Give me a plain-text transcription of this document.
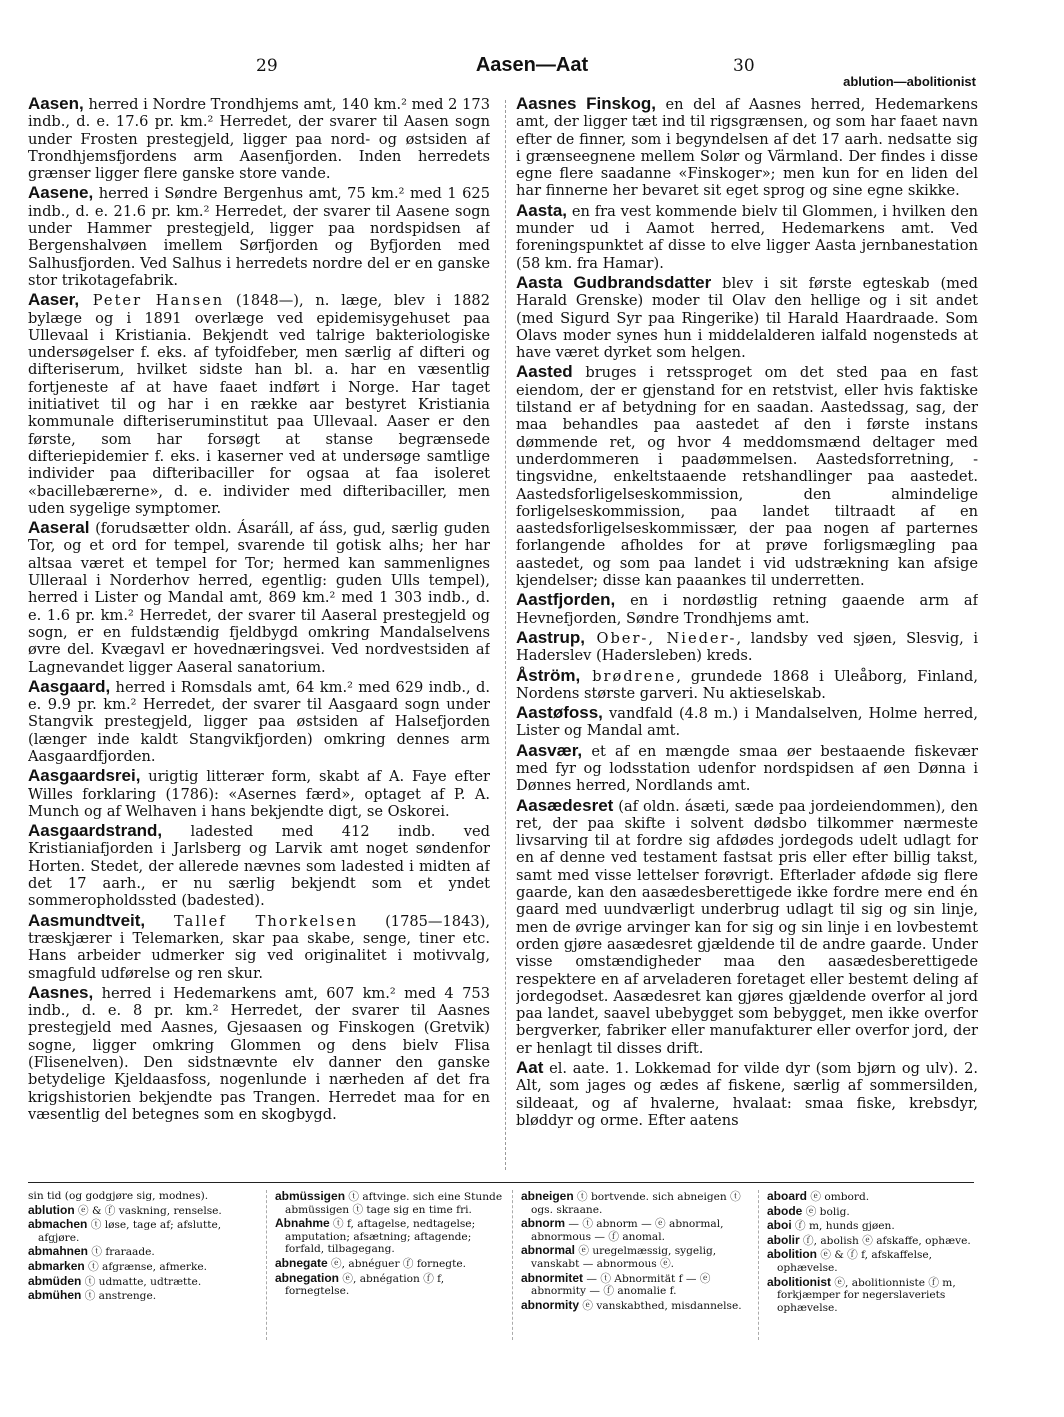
29	Aasen—Aat	30
ablution—abolitionist

Aasen, herred i Nordre Trondhjems amt, 140 km.² med 2 173 indb., d. e. 17.6 pr. km.² Herredet, der svarer til Aasen sogn under Frosten prestegjeld, ligger paa nord- og østsiden af Trondhjemsfjordens arm Aasenfjorden. Inden herredets grænser ligger flere ganske store vande.

Aasene, herred i Søndre Bergenhus amt, 75 km.² med 1 625 indb., d. e. 21.6 pr. km.² Herredet, der svarer til Aasene sogn under Hammer prestegjeld, ligger paa nordspidsen af Bergenshalvøen imellem Sørfjorden og Byfjorden med Salhusfjorden. Ved Salhus i herredets nordre del er en ganske stor trikotagefabrik.

Aaser, Peter Hansen (1848—), n. læge, blev i 1882 bylæge og i 1891 overlæge ved epidemisygehuset paa Ullevaal i Kristiania. Bekjendt ved talrige bakteriologiske undersøgelser f. eks. af tyfoidfeber, men særlig af difteri og difteriserum, hvilket sidste han bl. a. har en væsentlig fortjeneste af at have faaet indført i Norge. Har taget initiativet til og har i en række aar bestyret Kristiania kommunale difteriseruminstitut paa Ullevaal. Aaser er den første, som har forsøgt at stanse begrænsede difteriepidemier f. eks. i kaserner ved at undersøge samtlige individer paa difteribaciller for ogsaa at faa isoleret «bacillebærerne», d. e. individer med difteribaciller, men uden sygelige symptomer.

Aaseral (forudsætter oldn. Ásaráll, af áss, gud, særlig guden Tor, og et ord for tempel, svarende til gotisk alhs; her har altsaa været et tempel for Tor; hermed kan sammenlignes Ulleraal i Norderhov herred, egentlig: guden Ulls tempel), herred i Lister og Mandal amt, 869 km.² med 1 303 indb., d. e. 1.6 pr. km.² Herredet, der svarer til Aaseral prestegjeld og sogn, er en fuldstændig fjeldbygd omkring Mandalselvens øvre del. Kvægavl er hovednæringsvei. Ved nordvestsiden af Lagnevandet ligger Aaseral sanatorium.

Aasgaard, herred i Romsdals amt, 64 km.² med 629 indb., d. e. 9.9 pr. km.² Herredet, der svarer til Aasgaard sogn under Stangvik prestegjeld, ligger paa østsiden af Halsefjorden (længer inde kaldt Stangvikfjorden) omkring dennes arm Aasgaardfjorden.

Aasgaardsrei, urigtig litterær form, skabt af A. Faye efter Willes forklaring (1786): «Asernes færd», optaget af P. A. Munch og af Welhaven i hans bekjendte digt, se Oskorei.

Aasgaardstrand, ladested med 412 indb. ved Kristianiafjorden i Jarlsberg og Larvik amt noget søndenfor Horten. Stedet, der allerede nævnes som ladested i midten af det 17 aarh., er nu særlig bekjendt som et yndet sommeropholdssted (badested).

Aasmundtveit, Tallef Thorkelsen (1785—1843), træskjærer i Telemarken, skar paa skabe, senge, tiner etc. Hans arbeider udmerker sig ved originalitet i motivvalg, smagfuld udførelse og ren skur.

Aasnes, herred i Hedemarkens amt, 607 km.² med 4 753 indb., d. e. 8 pr. km.² Herredet, der svarer til Aasnes prestegjeld med Aasnes, Gjesaasen og Finskogen (Gretvik) sogne, ligger omkring Glommen og dens bielv Flisa (Flisenelven). Den sidstnævnte elv danner den ganske betydelige Kjeldaasfoss, nogenlunde i nærheden af det fra krigshistorien bekjendte pas Trangen. Herredet maa for en væsentlig del betegnes som en skogbygd.

Aasnes Finskog, en del af Aasnes herred, Hedemarkens amt, der ligger tæt ind til rigsgrænsen, og som har faaet navn efter de finner, som i begyndelsen af det 17 aarh. nedsatte sig i grænseegnene mellem Solør og Värmland. Der findes i disse egne flere saadanne «Finskoger»; men kun for en liden del har finnerne her bevaret sit eget sprog og sine egne skikke.

Aasta, en fra vest kommende bielv til Glommen, i hvilken den munder ud i Aamot herred, Hedemarkens amt. Ved foreningspunktet af disse to elve ligger Aasta jernbanestation (58 km. fra Hamar).

Aasta Gudbrandsdatter blev i sit første egteskab (med Harald Grenske) moder til Olav den hellige og i sit andet (med Sigurd Syr paa Ringerike) til Harald Haardraade. Som Olavs moder synes hun i middelalderen ialfald nogensteds at have været dyrket som helgen.

Aasted bruges i retssproget om det sted paa en fast eiendom, der er gjenstand for en retstvist, eller hvis faktiske tilstand er af betydning for en saadan. Aastedssag, sag, der maa behandles paa aastedet af den i første instans dømmende ret, og hvor 4 meddomsmænd deltager med underdommeren i paadømmelsen. Aastedsforretning, -tingsvidne, enkeltstaaende retshandlinger paa aastedet. Aastedsforligelseskommission, den almindelige forligelseskommission, paa landet tiltraadt af en aastedsforligelseskommissær, der paa nogen af parternes forlangende afholdes for at prøve forligsmægling paa aastedet, og som paa landet i vid udstrækning kan afsige kjendelser; disse kan paaankes til underretten.

Aastfjorden, en i nordøstlig retning gaaende arm af Hevnefjorden, Søndre Trondhjems amt.

Aastrup, Ober-, Nieder-, landsby ved sjøen, Slesvig, i Haderslev (Hadersleben) kreds.

Åström, brødrene, grundede 1868 i Uleåborg, Finland, Nordens største garveri. Nu aktieselskab.

Aastøfoss, vandfald (4.8 m.) i Mandalselven, Holme herred, Lister og Mandal amt.

Aasvær, et af en mængde smaa øer bestaaende fiskevær med fyr og lodsstation udenfor nordspidsen af øen Dønna i Dønnes herred, Nordlands amt.

Aasædesret (af oldn. ásæti, sæde paa jordeiendommen), den ret, der paa skifte i solvent dødsbo tilkommer nærmeste livsarving til at fordre sig afdødes jordegods udelt udlagt for en af denne ved testament fastsat pris eller efter billig takst, samt med visse lettelser forøvrigt. Efterlader afdøde sig flere gaarde, kan den aasædesberettigede ikke fordre mere end én gaard med uundværligt underbrug udlagt til sig og sin linje, men de øvrige arvinger kan for sig og sin linje i en lovbestemt orden gjøre aasædesret gjældende til de andre gaarde. Under visse omstændigheder maa den aasædesberettigede respektere en af arveladeren foretaget eller bestemt deling af jordegodset. Aasædesret kan gjøres gjældende overfor al jord paa landet, saavel ubebygget som bebygget, men ikke overfor bergverker, fabriker eller manufakturer eller overfor jord, der er henlagt til disses drift.

Aat el. aate. 1. Lokkemad for vilde dyr (som bjørn og ulv). 2. Alt, som jages og ædes af fiskene, særlig af sommersilden, sildeaat, og af hvalerne, hvalaat: smaa fiske, krebsdyr, bløddyr og orme. Efter aatens

sin tid (og godgjøre sig, modnes).

ablution ⓔ & ⓕ vaskning, renselse.

abmachen ⓣ løse, tage af; afslutte, afgjøre.

abmahnen ⓣ fraraade.

abmarken ⓣ afgrænse, afmerke.

abmüden ⓣ udmatte, udtrætte.

abmühen ⓣ anstrenge.

abmüssigen ⓣ aftvinge. sich eine Stunde abmüssigen ⓣ tage sig en time fri.

Abnahme ⓣ f, aftagelse, nedtagelse; amputation; afsætning; aftagende; forfald, tilbagegang.

abnegate ⓔ, abnéguer ⓕ fornegte.

abnegation ⓔ, abnégation ⓕ f, fornegtelse.

abneigen ⓣ bortvende. sich abneigen ⓣ ogs. skraane.

abnorm — ⓣ abnorm — ⓔ abnormal, abnormous — ⓕ anomal.

abnormal ⓔ uregelmæssig, sygelig, vanskabt — abnormous ⓔ.

abnormitet — ⓣ Abnormität f — ⓔ abnormity — ⓕ anomalie f.

abnormity ⓔ vanskabthed, misdannelse.

aboard ⓔ ombord.

abode ⓔ bolig.

aboi ⓕ m, hunds gjøen.

abolir ⓕ, abolish ⓔ afskaffe, ophæve.

abolition ⓔ & ⓕ f, afskaffelse, ophævelse.

abolitionist ⓔ, abolitionniste ⓕ m, forkjæmper for negerslaveriets ophævelse.
